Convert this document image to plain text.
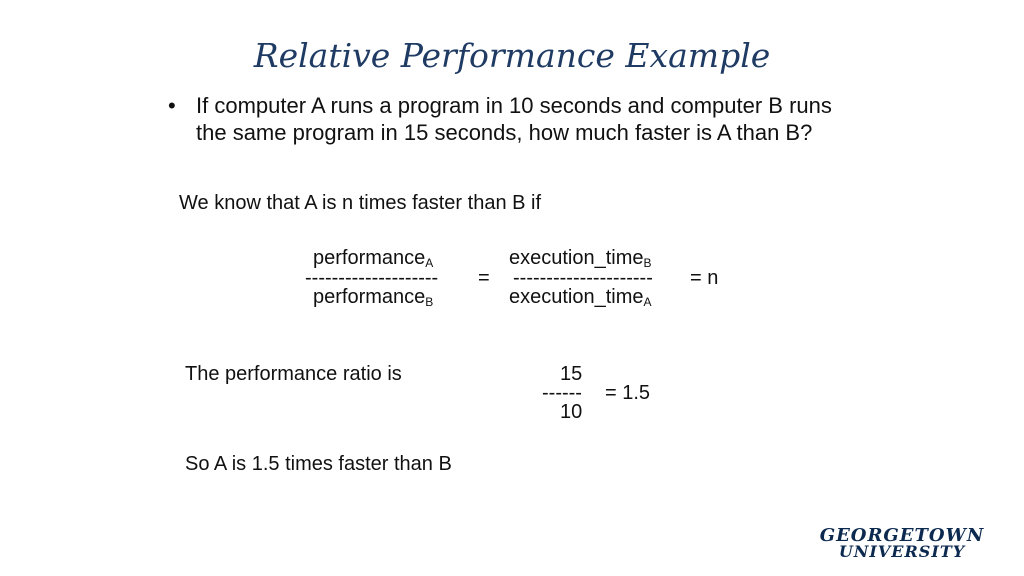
Relative Performance Example
• If computer A runs a program in 10 seconds and computer B runs the same program in 15 seconds, how much faster is A than B?
We know that A is n times faster than B if
performance$_A$
--------------------
performance$_B$
=
execution_time$_B$
---------------------
execution_time$_A$
= n
The performance ratio is	15
------
10
= 1.5
So A is 1.5 times faster than B
GEORGETOWN
UNIVERSITY
